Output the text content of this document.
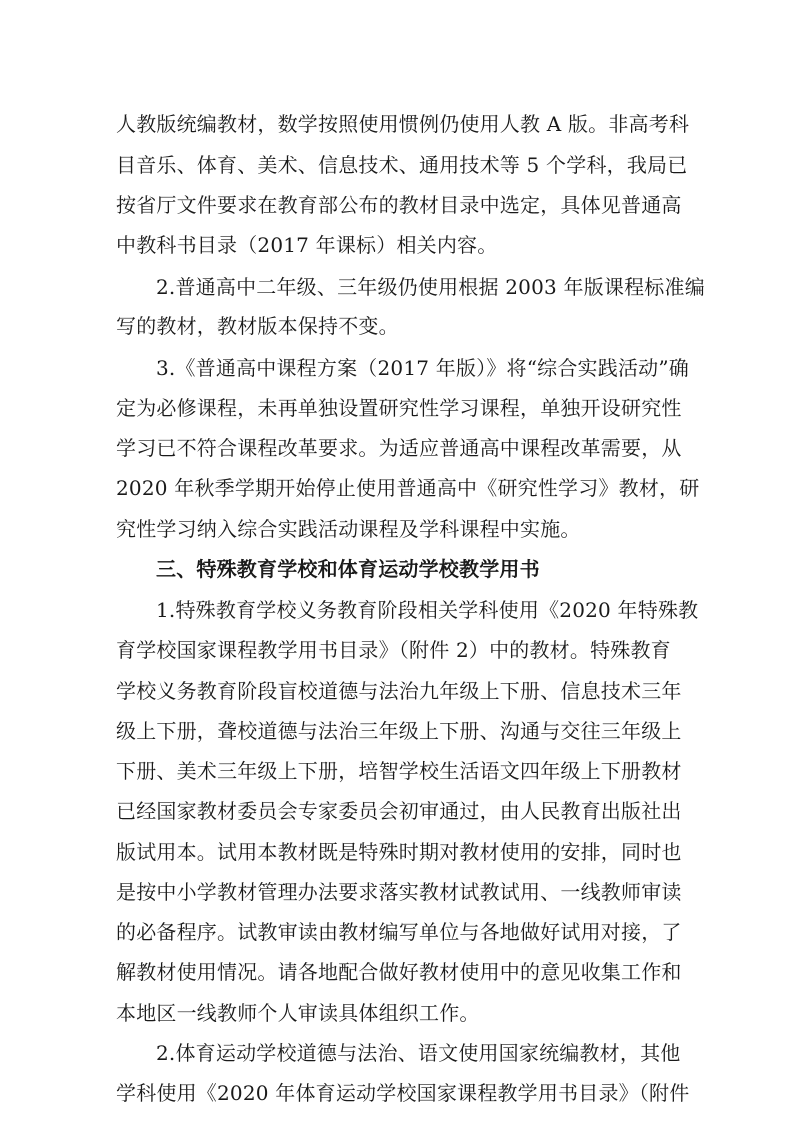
人教版统编教材，数学按照使用惯例仍使用人教 A 版。非高考科
目音乐、体育、美术、信息技术、通用技术等 5 个学科，我局已
按省厅文件要求在教育部公布的教材目录中选定，具体见普通高
中教科书目录（2017 年课标）相关内容。
2.普通高中二年级、三年级仍使用根据 2003 年版课程标准编
写的教材，教材版本保持不变。
3.《普通高中课程方案（2017 年版）》将“综合实践活动”确
定为必修课程，未再单独设置研究性学习课程，单独开设研究性
学习已不符合课程改革要求。为适应普通高中课程改革需要，从
2020 年秋季学期开始停止使用普通高中《研究性学习》教材，研
究性学习纳入综合实践活动课程及学科课程中实施。
三、特殊教育学校和体育运动学校教学用书
1.特殊教育学校义务教育阶段相关学科使用《2020 年特殊教
育学校国家课程教学用书目录》（附件 2）中的教材。特殊教育
学校义务教育阶段盲校道德与法治九年级上下册、信息技术三年
级上下册，聋校道德与法治三年级上下册、沟通与交往三年级上
下册、美术三年级上下册，培智学校生活语文四年级上下册教材
已经国家教材委员会专家委员会初审通过，由人民教育出版社出
版试用本。试用本教材既是特殊时期对教材使用的安排，同时也
是按中小学教材管理办法要求落实教材试教试用、一线教师审读
的必备程序。试教审读由教材编写单位与各地做好试用对接，了
解教材使用情况。请各地配合做好教材使用中的意见收集工作和
本地区一线教师个人审读具体组织工作。
2.体育运动学校道德与法治、语文使用国家统编教材，其他
学科使用《2020 年体育运动学校国家课程教学用书目录》（附件
